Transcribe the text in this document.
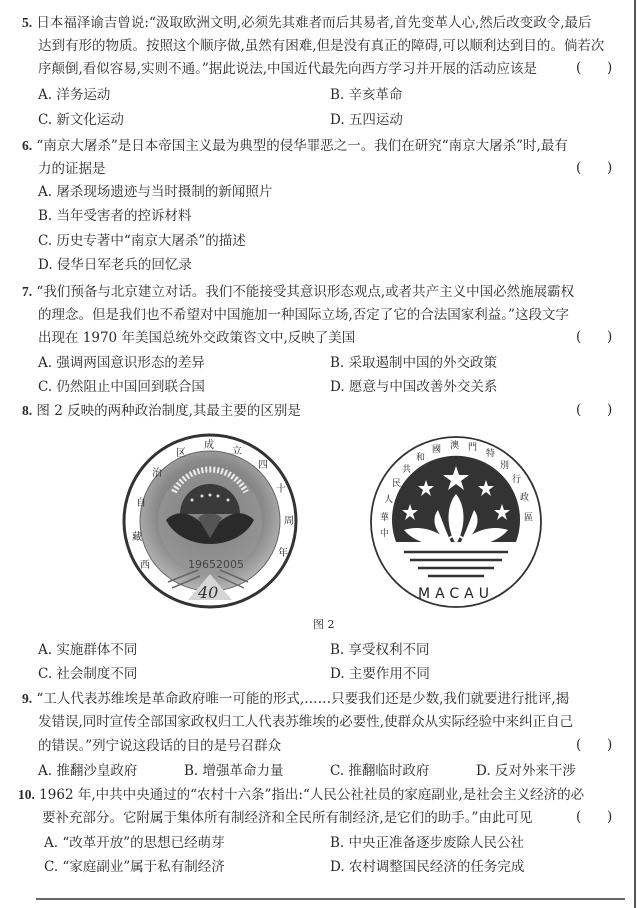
5. 日本福泽谕吉曾说:“汲取欧洲文明,必须先其难者而后其易者,首先变革人心,然后改变政令,最后
达到有形的物质。按照这个顺序做,虽然有困难,但是没有真正的障碍,可以顺利达到目的。倘若次
序颠倒,看似容易,实则不通。”据此说法,中国近代最先向西方学习并开展的活动应该是	(      )
A. 洋务运动	B. 辛亥革命
C. 新文化运动	D. 五四运动
6. “南京大屠杀”是日本帝国主义最为典型的侵华罪恶之一。我们在研究“南京大屠杀”时,最有
力的证据是	(      )
A. 屠杀现场遗迹与当时摄制的新闻照片
B. 当年受害者的控诉材料
C. 历史专著中“南京大屠杀”的描述
D. 侵华日军老兵的回忆录
7. “我们预备与北京建立对话。我们不能接受其意识形态观点,或者共产主义中国必然施展霸权
的理念。但是我们也不希望对中国施加一种国际立场,否定了它的合法国家利益。”这段文字
出现在 1970 年美国总统外交政策咨文中,反映了美国	(      )
A. 强调两国意识形态的差异	B. 采取遏制中国的外交政策
C. 仍然阻止中国回到联合国	D. 愿意与中国改善外交关系
8. 图 2 反映的两种政治制度,其最主要的区别是	(      )
1965 2005
40
西
藏
自
治
区
成
立
四
十
周
年
MACAU
中
華
人
民
共
和
國 澳 門
特
別
行
政
區
图 2
A. 实施群体不同	B. 享受权利不同
C. 社会制度不同	D. 主要作用不同
9. “工人代表苏维埃是革命政府唯一可能的形式,……只要我们还是少数,我们就要进行批评,揭
发错误,同时宣传全部国家政权归工人代表苏维埃的必要性,使群众从实际经验中来纠正自己
的错误。”列宁说这段话的目的是号召群众	(      )
A. 推翻沙皇政府	B. 增强革命力量	C. 推翻临时政府	D. 反对外来干涉
10. 1962 年,中共中央通过的“农村十六条”指出:“人民公社社员的家庭副业,是社会主义经济的必
要补充部分。它附属于集体所有制经济和全民所有制经济,是它们的助手。”由此可见	(      )
A. “改革开放”的思想已经萌芽	B. 中央正准备逐步废除人民公社
C. “家庭副业”属于私有制经济	D. 农村调整国民经济的任务完成
